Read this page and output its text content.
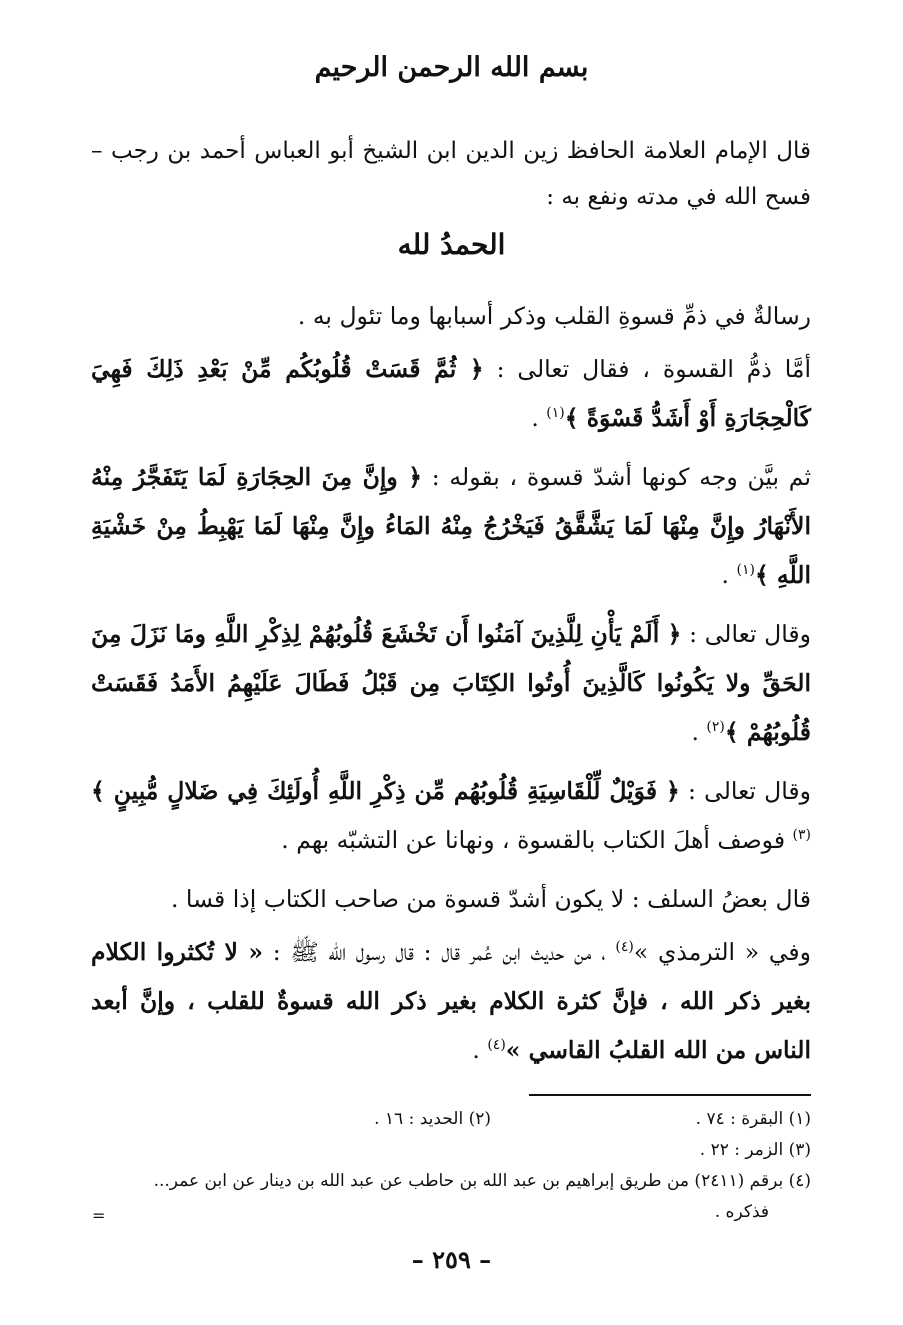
بسم الله الرحمن الرحيم
قال الإمام العلامة الحافظ زين الدين ابن الشيخ أبو العباس أحمد بن رجب – فسح الله في مدته ونفع به :
الحمدُ لله

رسالةٌ في ذمِّ قسوةِ القلب وذكر أسبابها وما تئول به .

أمَّا ذمُّ القسوة ، فقال تعالى : ﴿ ثُمَّ قَسَتْ قُلُوبُكُم مِّنْ بَعْدِ ذَلِكَ فَهِيَ كَالْحِجَارَةِ أَوْ أَشَدُّ قَسْوَةً ﴾$^{(١)}$ .

ثم بيَّن وجه كونها أشدّ قسوة ، بقوله : ﴿ وإِنَّ مِنَ الحِجَارَةِ لَمَا يَتَفَجَّرُ مِنْهُ الأَنْهَارُ وإِنَّ مِنْهَا لَمَا يَشَّقَّقُ فَيَخْرُجُ مِنْهُ المَاءُ وإِنَّ مِنْهَا لَمَا يَهْبِطُ مِنْ خَشْيَةِ اللَّهِ ﴾$^{(١)}$ .

وقال تعالى : ﴿ أَلَمْ يَأْنِ لِلَّذِينَ آمَنُوا أَن تَخْشَعَ قُلُوبُهُمْ لِذِكْرِ اللَّهِ ومَا نَزَلَ مِنَ الحَقِّ ولا يَكُونُوا كَالَّذِينَ أُوتُوا الكِتَابَ مِن قَبْلُ فَطَالَ عَلَيْهِمُ الأَمَدُ فَقَسَتْ قُلُوبُهُمْ ﴾$^{(٢)}$ .

وقال تعالى : ﴿ فَوَيْلٌ لِّلْقَاسِيَةِ قُلُوبُهُم مِّن ذِكْرِ اللَّهِ أُولَئِكَ فِي ضَلالٍ مُّبِينٍ ﴾$^{(٣)}$ فوصف أهلَ الكتاب بالقسوة ، ونهانا عن التشبّه بهم .

قال بعضُ السلف : لا يكون أشدّ قسوة من صاحب الكتاب إذا قسا .

وفي « الترمذي »$^{(٤)}$ ، من حديث ابن عُمر قال : قال رسول الله ﷺ : « لا تُكثروا الكلام بغير ذكر الله ، فإنَّ كثرة الكلام بغير ذكر الله قسوةٌ للقلب ، وإنَّ أبعد الناس من الله القلبُ القاسي »$^{(٤)}$ .

(١) البقرة : ٧٤ .
(٢) الحديد : ١٦ .
(٣) الزمر : ٢٢ .
(٤) برقم (٢٤١١) من طريق إبراهيم بن عبد الله بن حاطب عن عبد الله بن دينار عن ابن عمر...
فذكره .
=
– ٢٥٩ –
